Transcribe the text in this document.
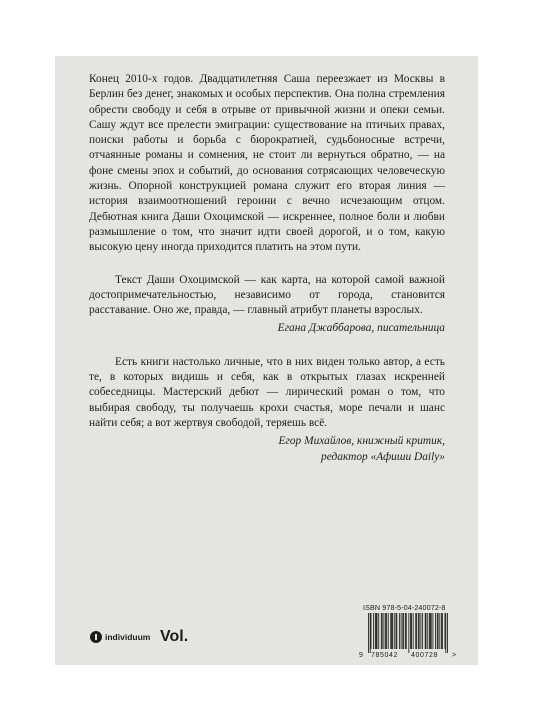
Конец 2010-х годов. Двадцатилетняя Саша переезжает из Москвы в Берлин без денег, знакомых и особых перспектив. Она полна стремления обрести свободу и себя в отрыве от привычной жизни и опеки семьи. Сашу ждут все прелести эмиграции: существование на птичьих правах, поиски работы и борьба с бюрократией, судьбоносные встречи, отчаянные романы и сомнения, не стоит ли вернуться обратно, — на фоне смены эпох и событий, до основания сотрясающих человеческую жизнь. Опорной конструкцией романа служит его вторая линия — история взаимоотношений героини с вечно исчезающим отцом. Дебютная книга Даши Охоцимской — искреннее, полное боли и любви размышление о том, что значит идти своей дорогой, и о том, какую высокую цену иногда приходится платить на этом пути.

Текст Даши Охоцимской — как карта, на которой самой важной достопримечательностью, независимо от города, становится расставание. Оно же, правда, — главный атрибут планеты взрослых.

Егана Джаббарова, писательница

Есть книги настолько личные, что в них виден только автор, а есть те, в которых видишь и себя, как в открытых глазах искренней собеседницы. Мастерский дебют — лирический роман о том, что выбирая свободу, ты получаешь крохи счастья, море печали и шанс найти себя; а вот жертвуя свободой, теряешь всё.

Егор Михайлов, книжный критик,

редактор «Афиши Daily»

individuum Vol.
ISBN 978-5-04-240072-8
9 785042 400728 >
